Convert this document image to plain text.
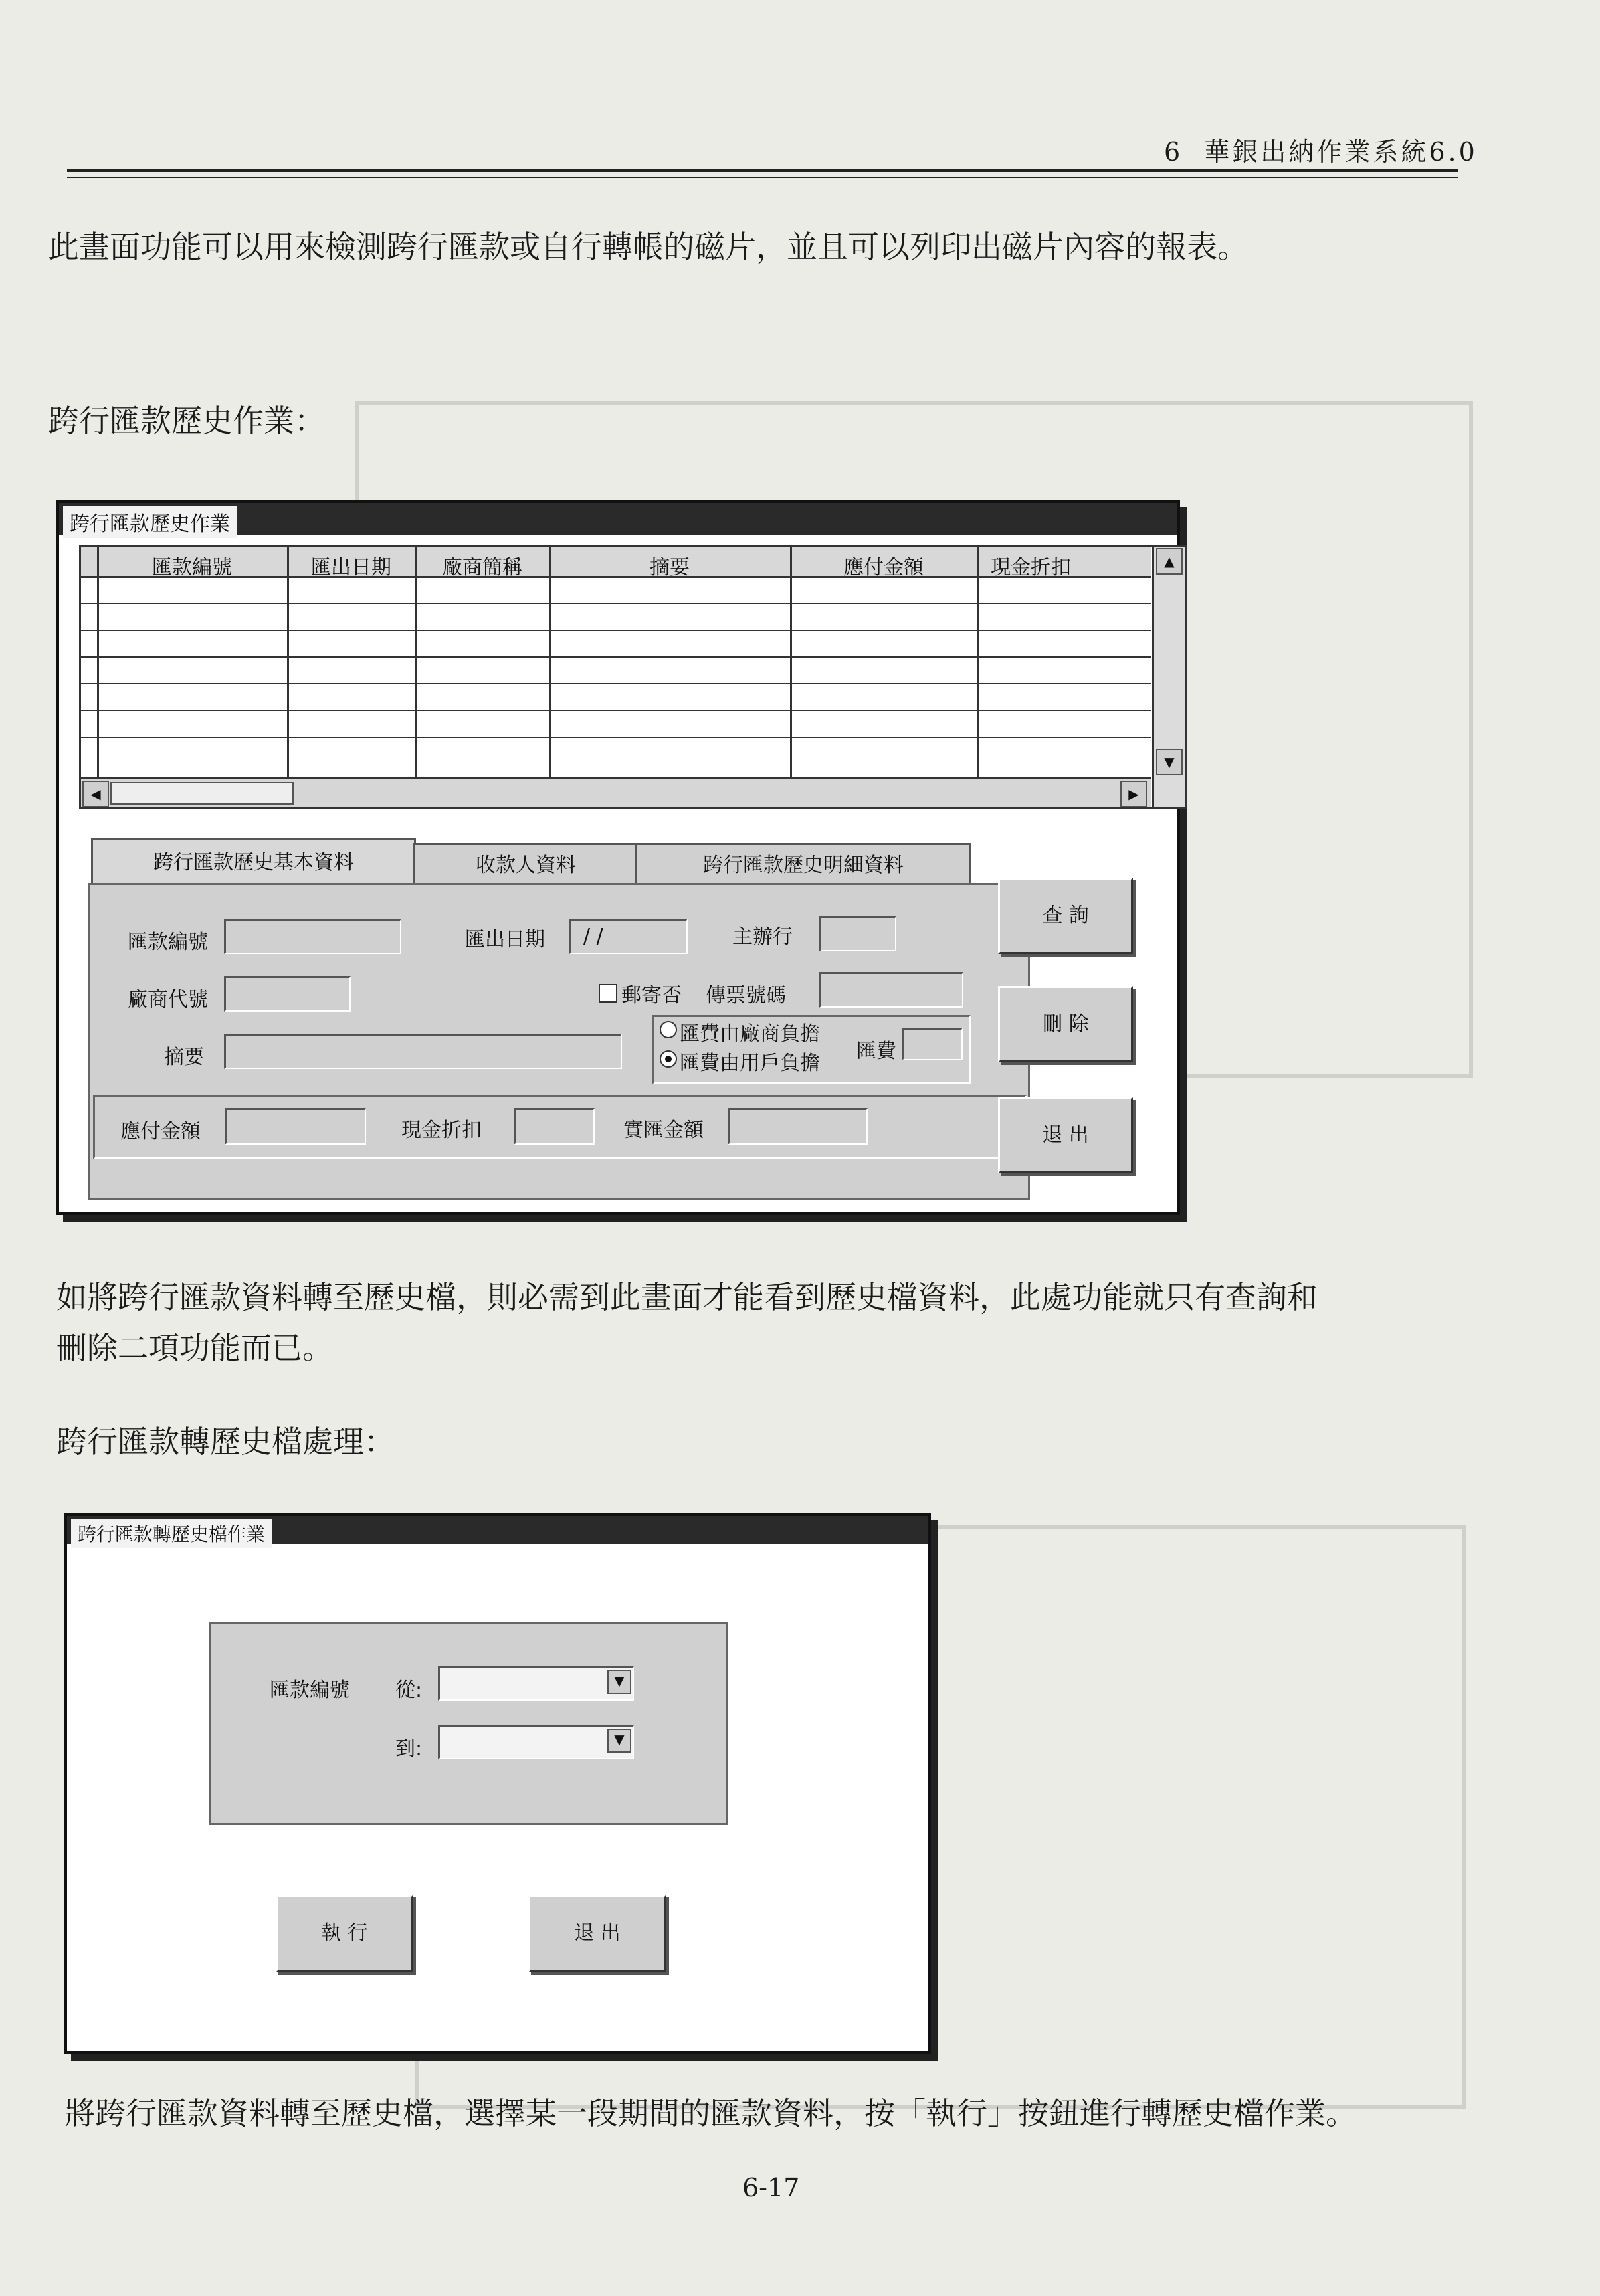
6 華銀出納作業系統6.0
此畫面功能可以用來檢測跨行匯款或自行轉帳的磁片，並且可以列印出磁片內容的報表。
跨行匯款歷史作業：
跨行匯款歷史作業
匯款編號	匯出日期	廠商簡稱	摘要	應付金額	現金折扣	▲
▼
◀	▶
跨行匯款歷史基本資料	收款人資料	跨行匯款歷史明細資料
匯款編號	匯出日期 / /	主辦行
廠商代號	郵寄否 傳票號碼
摘要
匯費由廠商負擔
匯費由用戶負擔
匯費
應付金額	現金折扣	實匯金額
查 詢
刪 除
退 出
如將跨行匯款資料轉至歷史檔，則必需到此畫面才能看到歷史檔資料，此處功能就只有查詢和
刪除二項功能而已。
跨行匯款轉歷史檔處理：
跨行匯款轉歷史檔作業
匯款編號 從:	▼
到:	▼
執 行	退 出
將跨行匯款資料轉至歷史檔，選擇某一段期間的匯款資料，按「執行」按鈕進行轉歷史檔作業。
6-17
